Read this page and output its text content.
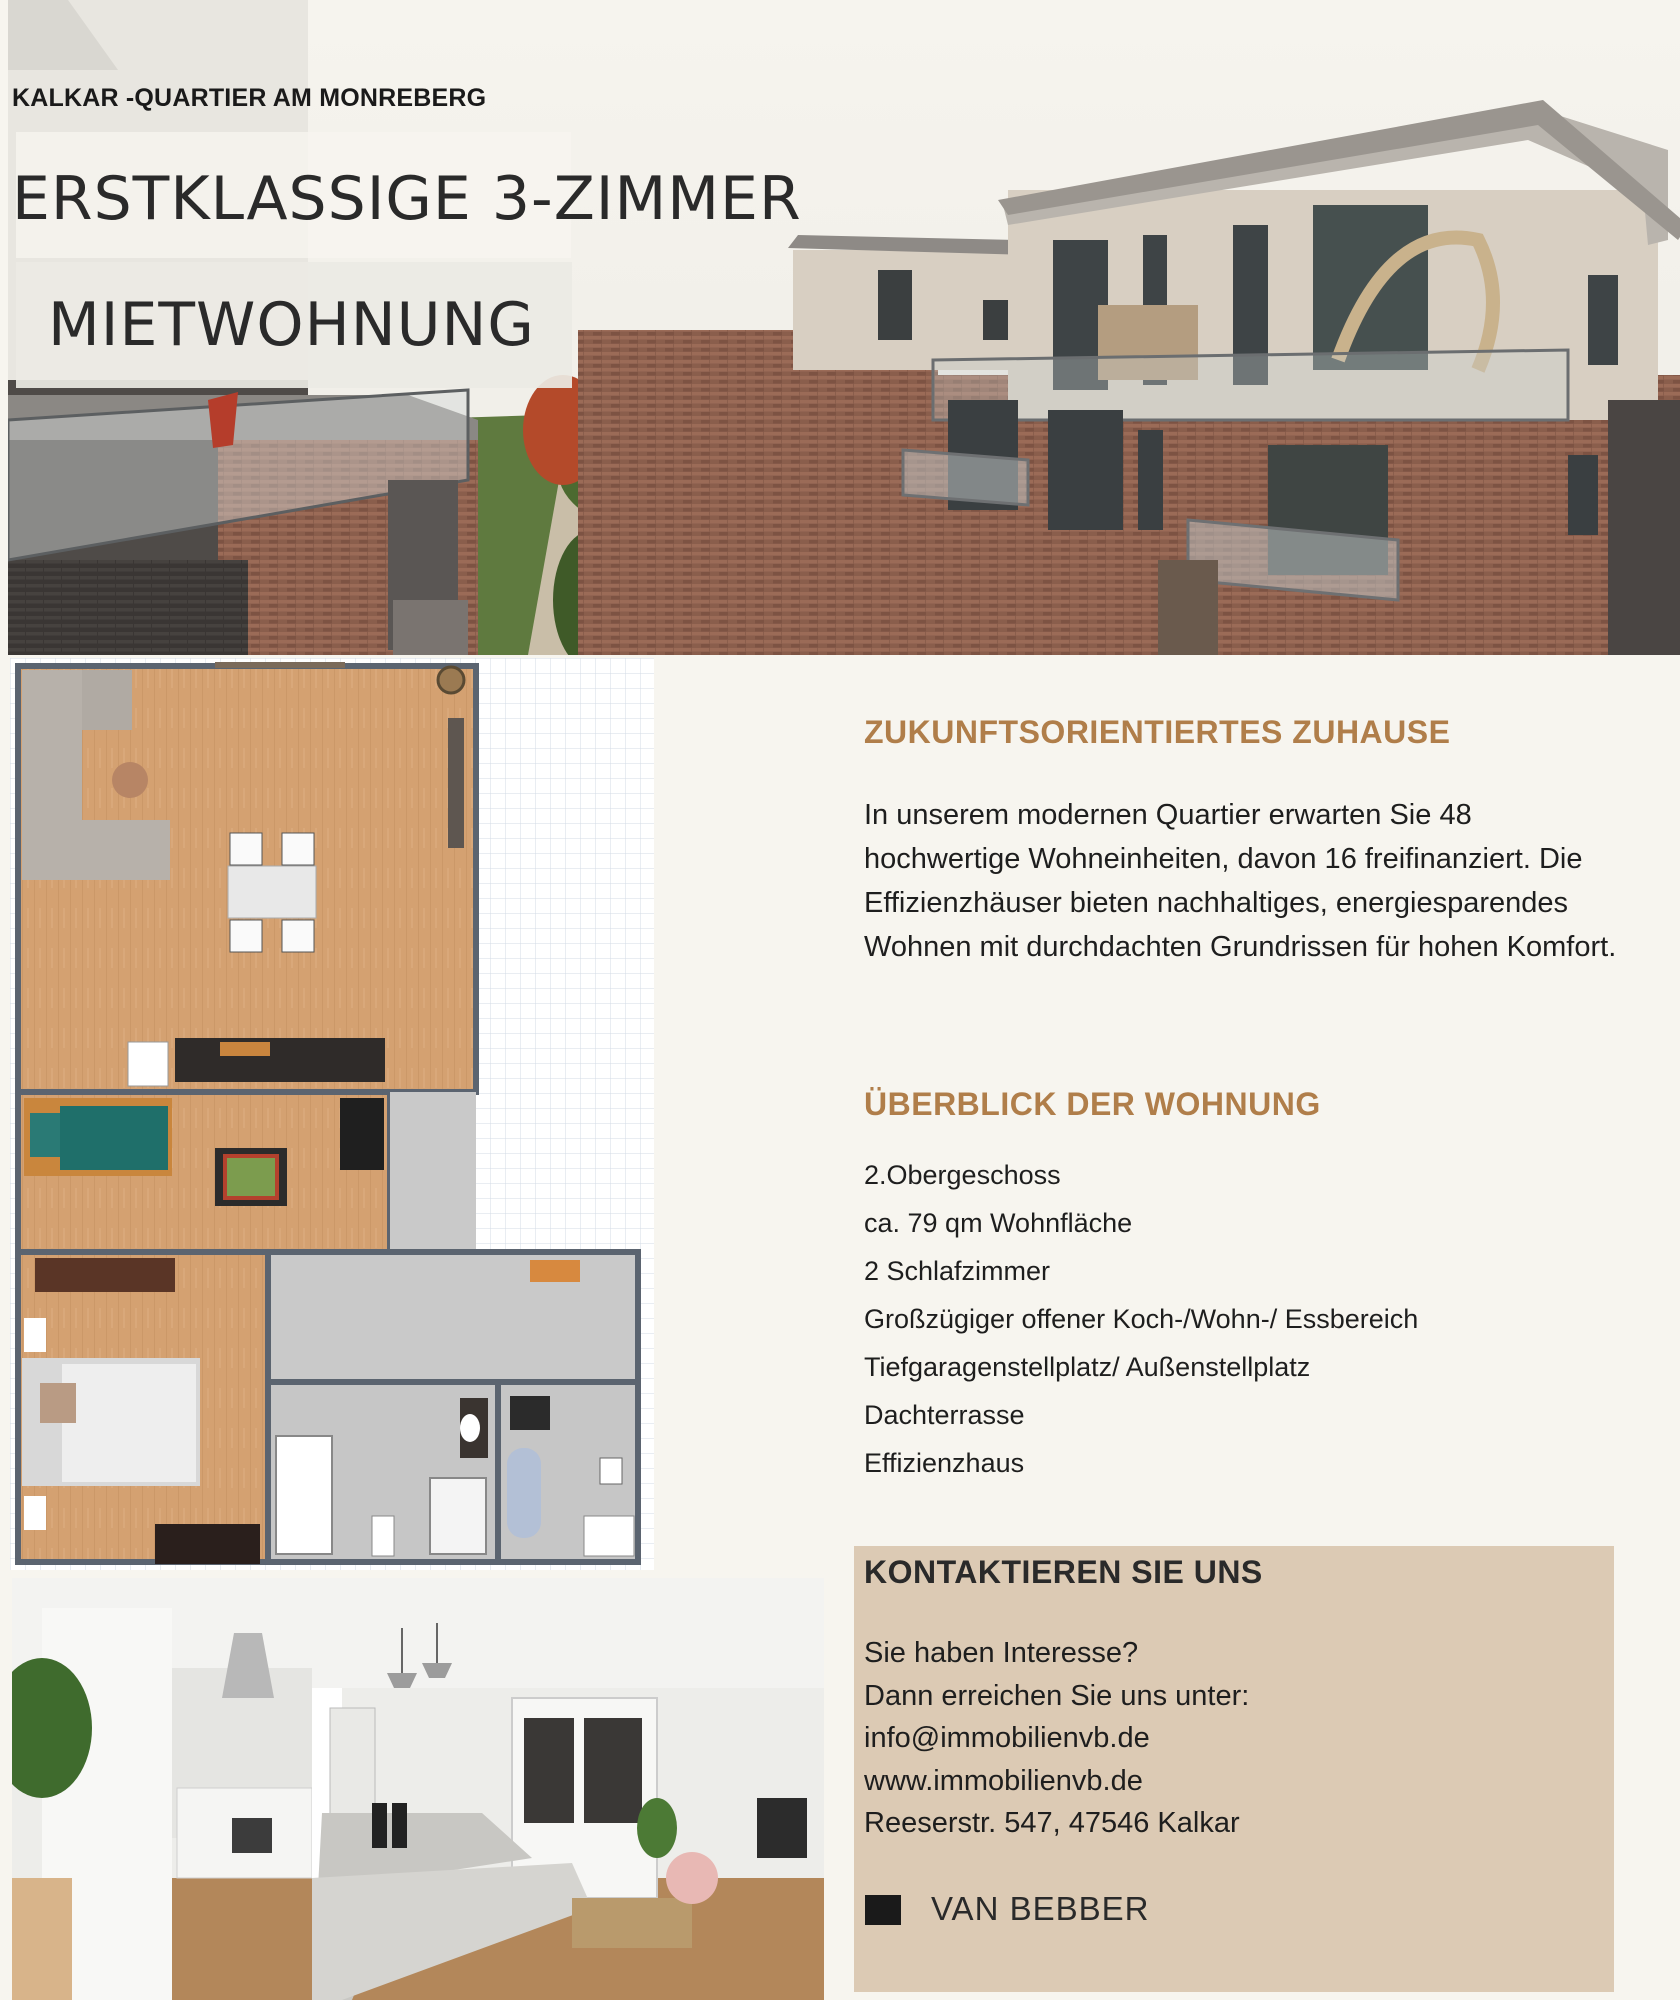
KALKAR -QUARTIER AM MONREBERG
ERSTKLASSIGE 3-ZIMMER
MIETWOHNUNG
ZUKUNFTSORIENTIERTES ZUHAUSE
In unserem modernen Quartier erwarten Sie 48 hochwertige Wohneinheiten, davon 16 freifinanziert. Die Effizienzhäuser bieten nachhaltiges, energiesparendes Wohnen mit durchdachten Grundrissen für hohen Komfort.
ÜBERBLICK DER WOHNUNG
2.Obergeschoss
ca. 79 qm Wohnfläche
2 Schlafzimmer
Großzügiger offener Koch-/Wohn-/ Essbereich
Tiefgaragenstellplatz/ Außenstellplatz
Dachterrasse
Effizienzhaus
KONTAKTIEREN SIE UNS
Sie haben Interesse?
Dann erreichen Sie uns unter:
info@immobilienvb.de
www.immobilienvb.de
Reeserstr. 547, 47546 Kalkar
VAN BEBBER
